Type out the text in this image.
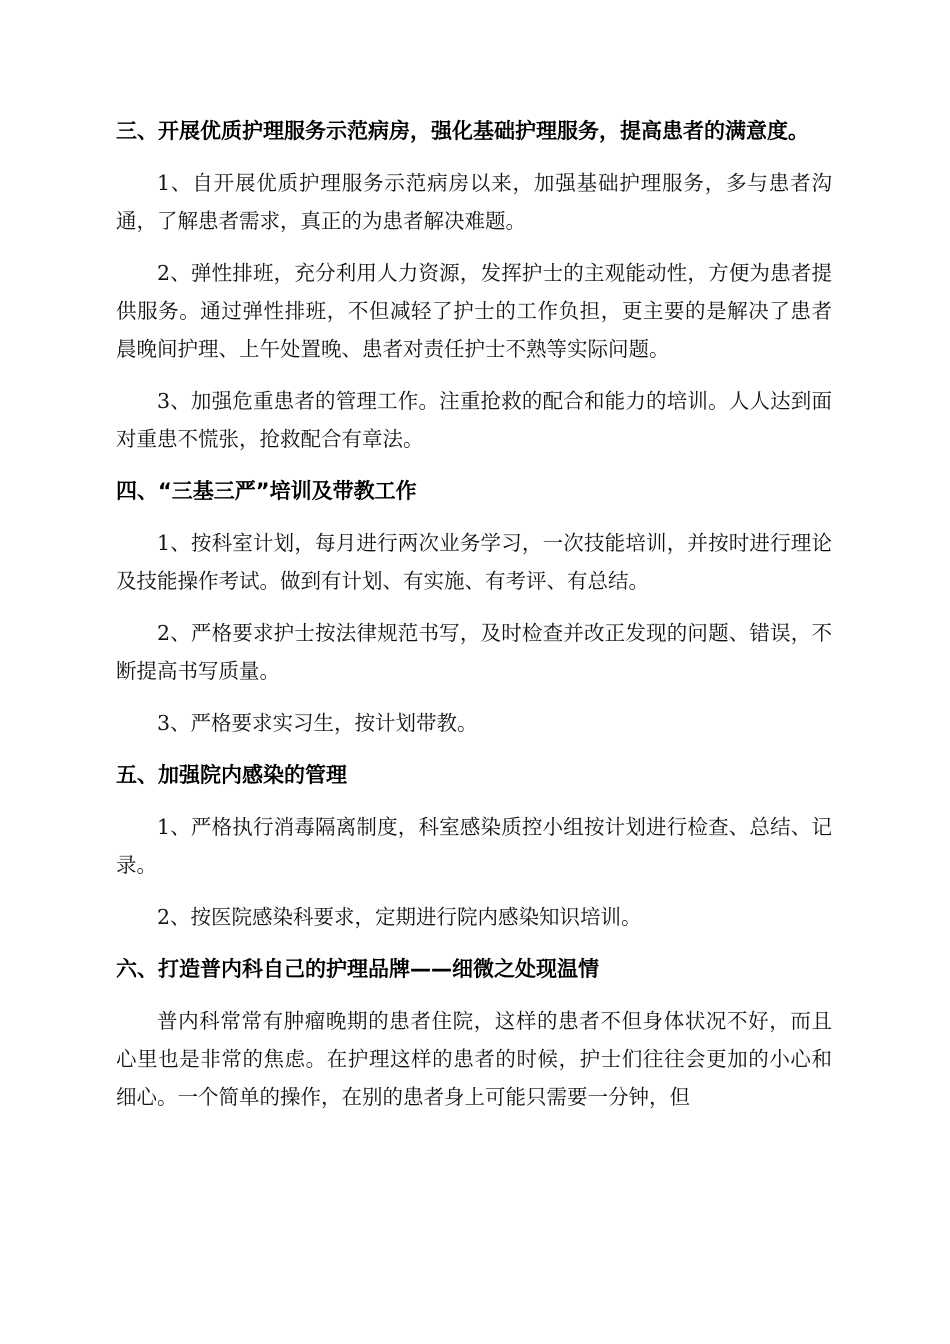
三、开展优质护理服务示范病房，强化基础护理服务，提高患者的满意度。

1、自开展优质护理服务示范病房以来，加强基础护理服务，多与患者沟通，了解患者需求，真正的为患者解决难题。

2、弹性排班，充分利用人力资源，发挥护士的主观能动性，方便为患者提供服务。通过弹性排班，不但减轻了护士的工作负担，更主要的是解决了患者晨晚间护理、上午处置晚、患者对责任护士不熟等实际问题。

3、加强危重患者的管理工作。注重抢救的配合和能力的培训。人人达到面对重患不慌张，抢救配合有章法。

四、“三基三严”培训及带教工作

1、按科室计划，每月进行两次业务学习，一次技能培训，并按时进行理论及技能操作考试。做到有计划、有实施、有考评、有总结。

2、严格要求护士按法律规范书写，及时检查并改正发现的问题、错误，不断提高书写质量。

3、严格要求实习生，按计划带教。

五、加强院内感染的管理

1、严格执行消毒隔离制度，科室感染质控小组按计划进行检查、总结、记录。

2、按医院感染科要求，定期进行院内感染知识培训。

六、打造普内科自己的护理品牌——细微之处现温情

普内科常常有肿瘤晚期的患者住院，这样的患者不但身体状况不好，而且心里也是非常的焦虑。在护理这样的患者的时候，护士们往往会更加的小心和细心。一个简单的操作，在别的患者身上可能只需要一分钟，但
